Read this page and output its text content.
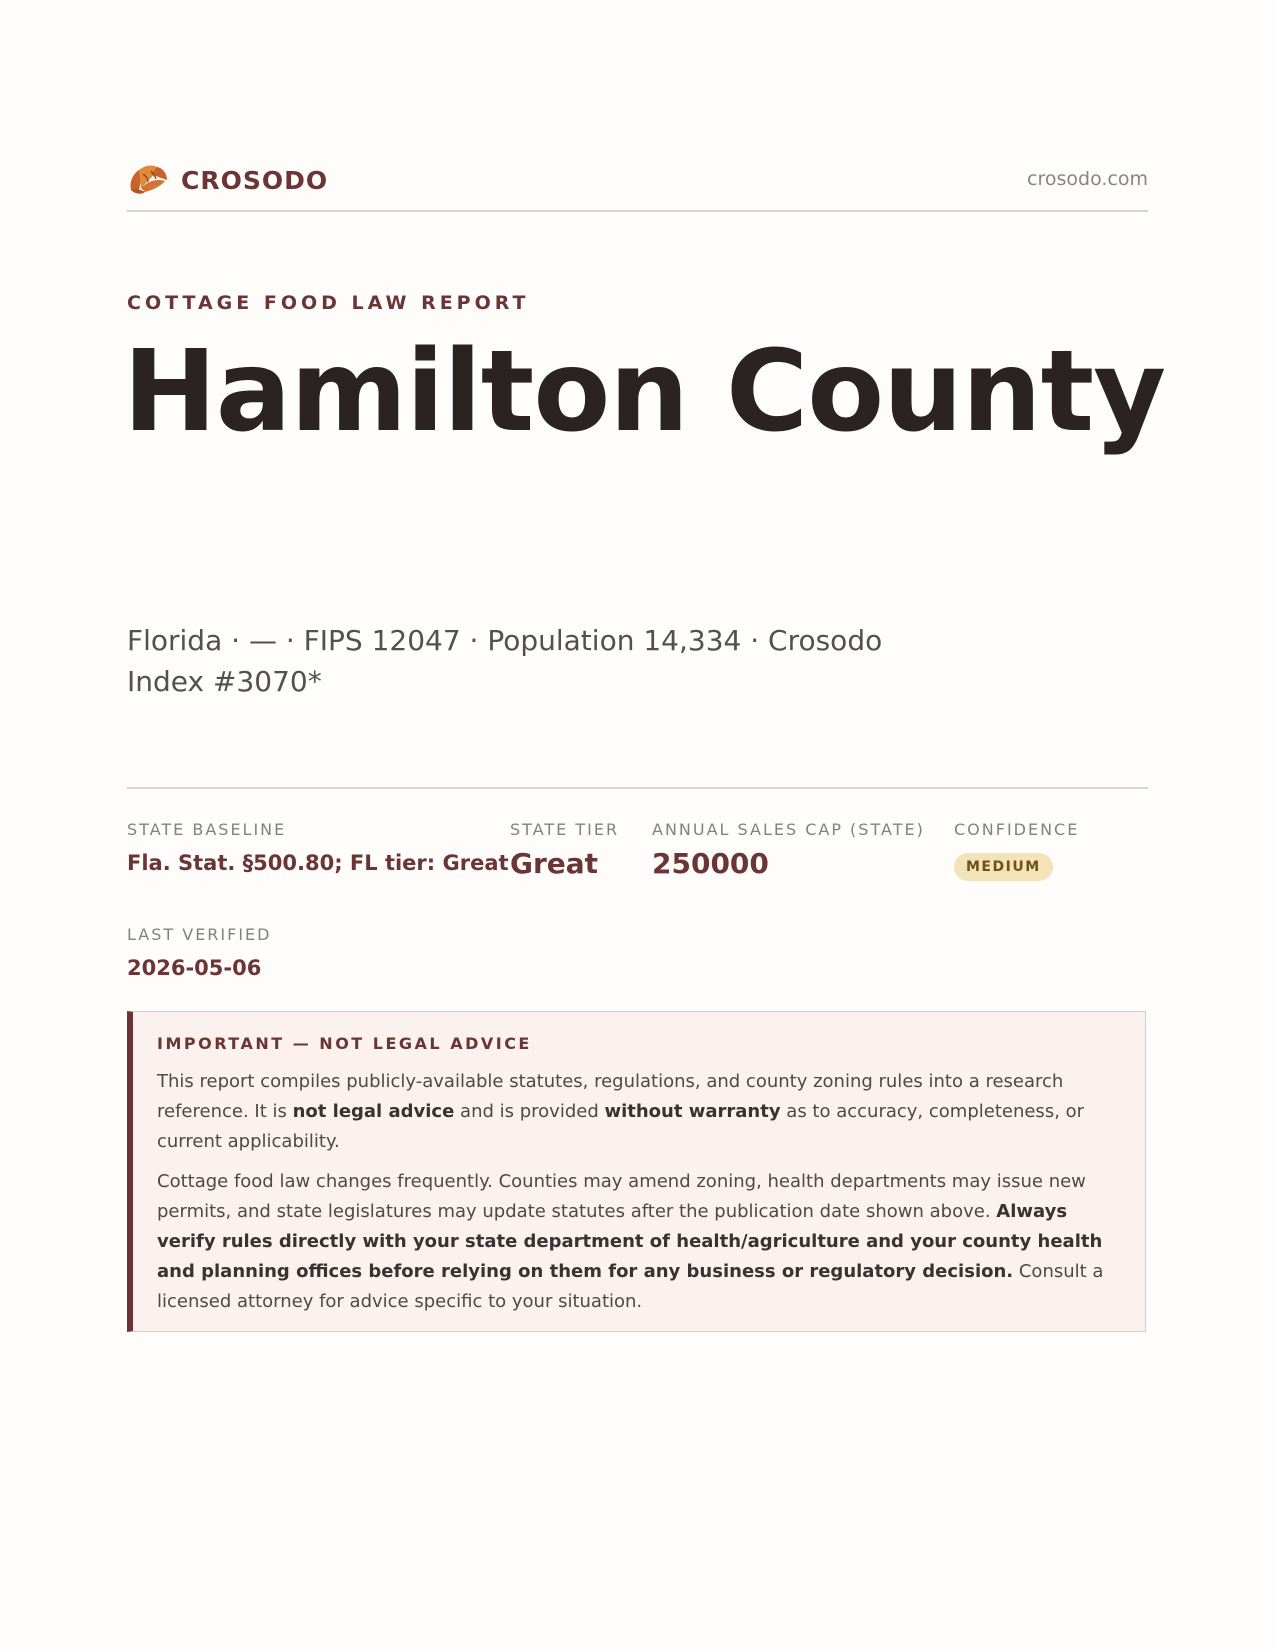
CROSODO	crosodo.com
COTTAGE FOOD LAW REPORT
Hamilton County
Florida · — · FIPS 12047 · Population 14,334 · Crosodo Index #3070*
STATE BASELINE
Fla. Stat. §500.80; FL tier: Great
STATE TIER
Great
ANNUAL SALES CAP (STATE)
250000
CONFIDENCE
MEDIUM
LAST VERIFIED
2026-05-06
IMPORTANT — NOT LEGAL ADVICE

This report compiles publicly-available statutes, regulations, and county zoning rules into a research reference. It is not legal advice and is provided without warranty as to accuracy, completeness, or current applicability.

Cottage food law changes frequently. Counties may amend zoning, health departments may issue new permits, and state legislatures may update statutes after the publication date shown above. Always verify rules directly with your state department of health/agriculture and your county health and planning offices before relying on them for any business or regulatory decision. Consult a licensed attorney for advice specific to your situation.
